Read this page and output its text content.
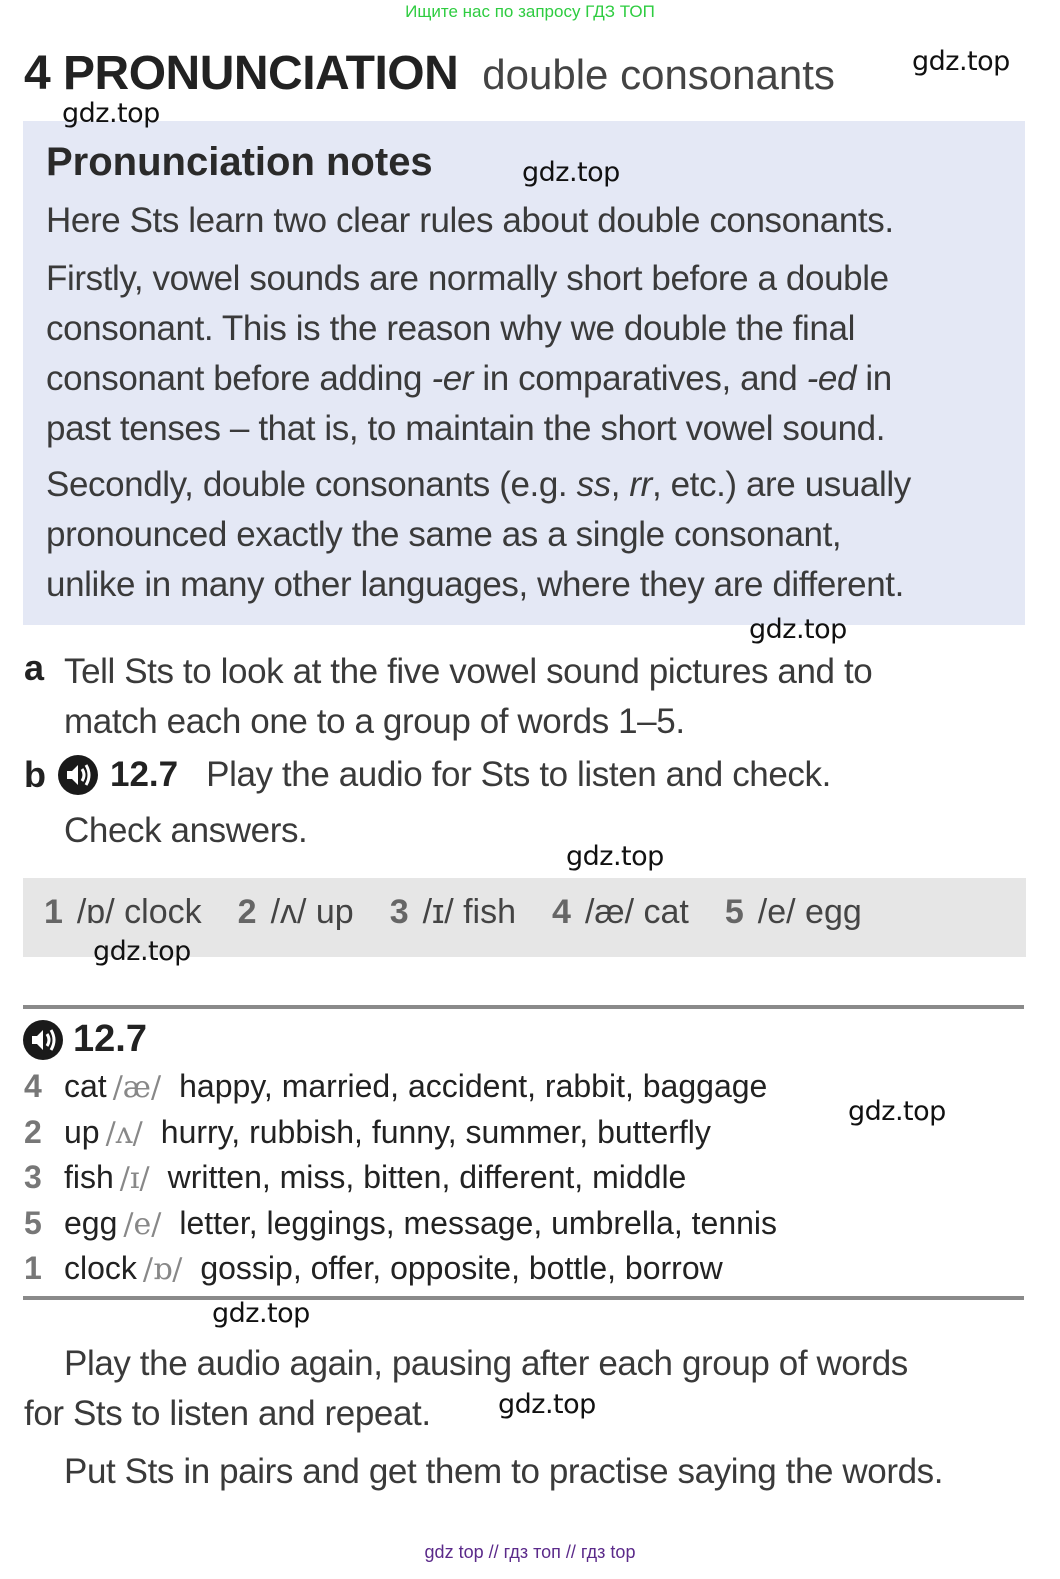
Ищите нас по запросу ГДЗ ТОП
4 PRONUNCIATION double consonants
Pronunciation notes
Here Sts learn two clear rules about double consonants.
Firstly, vowel sounds are normally short before a double
consonant. This is the reason why we double the final
consonant before adding -er in comparatives, and -ed in
past tenses – that is, to maintain the short vowel sound.
Secondly, double consonants (e.g. ss, rr, etc.) are usually
pronounced exactly the same as a single consonant,
unlike in many other languages, where they are different.
a Tell Sts to look at the five vowel sound pictures and to
match each one to a group of words 1–5.
b 12.7 Play the audio for Sts to listen and check.
Check answers.
1 /ɒ/ clock 2 /ʌ/ up 3 /ɪ/ fish 4 /æ/ cat 5 /e/ egg
12.7
4 cat /æ/ happy, married, accident, rabbit, baggage
2 up /ʌ/ hurry, rubbish, funny, summer, butterfly
3 fish /ɪ/ written, miss, bitten, different, middle
5 egg /e/ letter, leggings, message, umbrella, tennis
1 clock /ɒ/ gossip, offer, opposite, bottle, borrow
Play the audio again, pausing after each group of words
for Sts to listen and repeat.
Put Sts in pairs and get them to practise saying the words.
gdz.top
gdz.top
gdz.top
gdz.top
gdz.top
gdz.top
gdz.top
gdz.top
gdz.top
gdz top // гдз топ // гдз top
